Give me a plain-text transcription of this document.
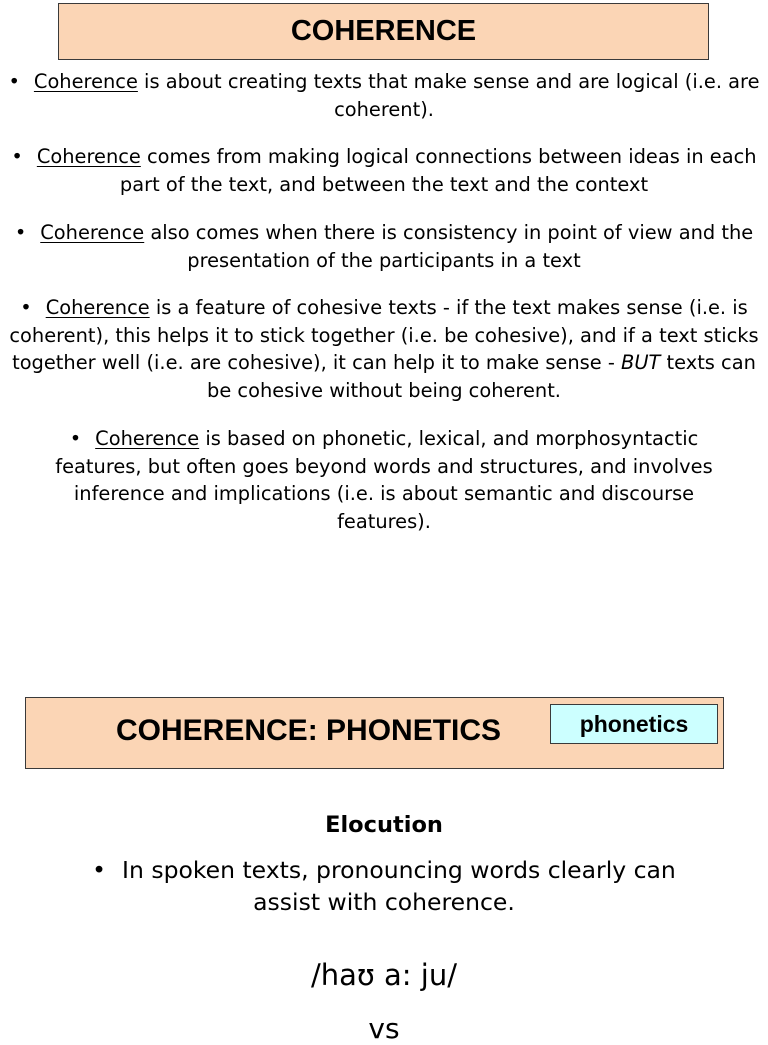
COHERENCE
• Coherence is about creating texts that make sense and are logical (i.e. are coherent).
• Coherence comes from making logical connections between ideas in each part of the text, and between the text and the context
• Coherence also comes when there is consistency in point of view and the presentation of the participants in a text
• Coherence is a feature of cohesive texts - if the text makes sense (i.e. is coherent), this helps it to stick together (i.e. be cohesive), and if a text sticks together well (i.e. are cohesive), it can help it to make sense - BUT texts can be cohesive without being coherent.
• Coherence is based on phonetic, lexical, and morphosyntactic features, but often goes beyond words and structures, and involves inference and implications (i.e. is about semantic and discourse features).
COHERENCE: PHONETICS	phonetics
Elocution
• In spoken texts, pronouncing words clearly can assist with coherence.
/haʊ a: ju/
vs
